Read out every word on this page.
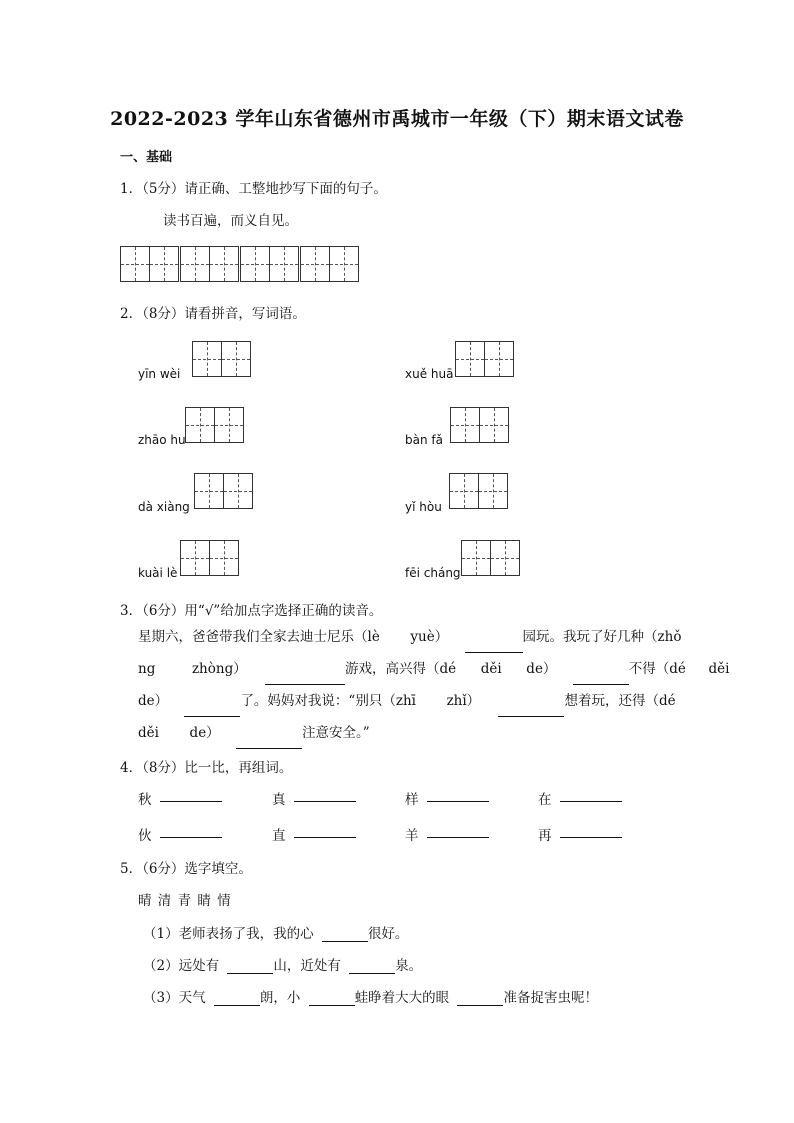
2022-2023 学年山东省德州市禹城市一年级（下）期末语文试卷
一、基础
1．（5分）请正确、工整地抄写下面的句子。
读书百遍，而义自见。
2．（8分）请看拼音，写词语。
yīn wèi	xuě huā
zhāo hu	bàn fǎ
dà xiàng	yǐ hòu
kuài lè	fēi cháng
3．（6分）用“√”给加点字选择正确的读音。
星期六，爸爸带我们全家去迪士尼乐（lè yuè）	园玩。我玩了好几种（zhǒ
ng	zhòng）	游戏，高兴得（dé děi de）	不得（dé děi
de）	了。妈妈对我说：“别只（zhī zhǐ）	想着玩，还得（dé
děi de）	注意安全。”
4．（8分）比一比，再组词。
秋	真	样	在
伙	直	羊	再
5．（6分）选字填空。
晴 清 青 睛 情
（1）老师表扬了我，我的心	很好。
（2）远处有	山，近处有	泉。
（3）天气	朗，小	蛙睁着大大的眼	准备捉害虫呢！
